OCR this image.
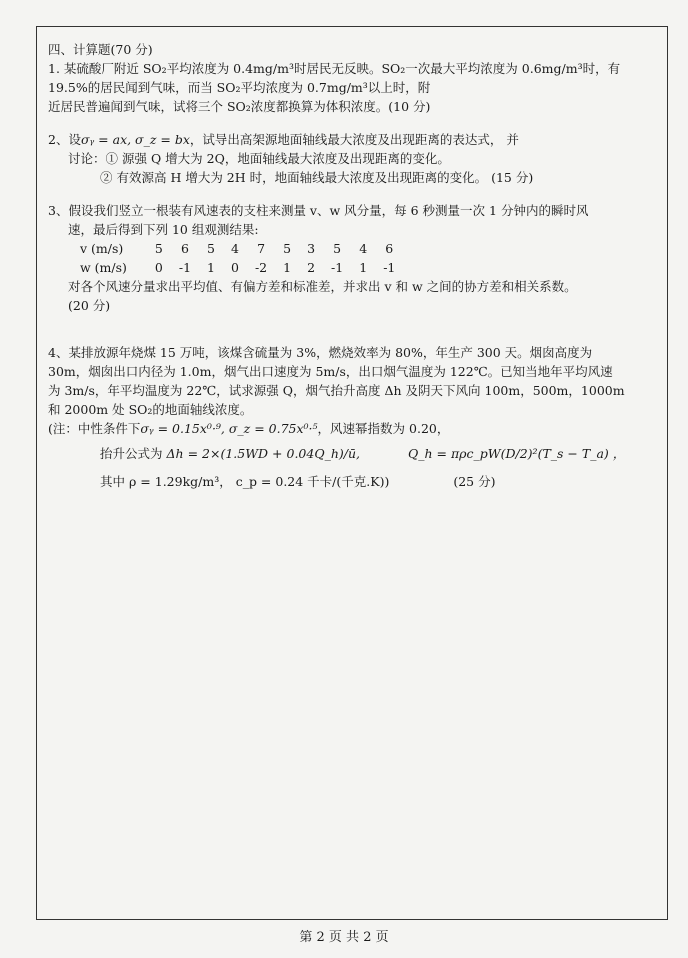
四、计算题(70 分)
1. 某硫酸厂附近 SO₂平均浓度为 0.4mg/m³时居民无反映。SO₂一次最大平均浓度为 0.6mg/m³时，有
19.5%的居民闻到气味，而当 SO₂平均浓度为 0.7mg/m³以上时，附
近居民普遍闻到气味，试将三个 SO₂浓度都换算为体积浓度。(10 分)
2、设σᵧ = ax, σ_z = bx，试导出高架源地面轴线最大浓度及出现距离的表达式， 并
讨论：① 源强 Q 增大为 2Q，地面轴线最大浓度及出现距离的变化。
② 有效源高 H 增大为 2H 时，地面轴线最大浓度及出现距离的变化。 (15 分)
3、假设我们竖立一根装有风速表的支柱来测量 v、w 风分量，每 6 秒测量一次 1 分钟内的瞬时风
速，最后得到下列 10 组观测结果:
v (m/s)	5	6	5	4	7	5	3	5	4	6
w (m/s)	0	-1	1	0	-2	1	2	-1	1	-1
对各个风速分量求出平均值、有偏方差和标准差，并求出 v 和 w 之间的协方差和相关系数。
(20 分)
4、某排放源年烧煤 15 万吨，该煤含硫量为 3%，燃烧效率为 80%，年生产 300 天。烟囱高度为
30m，烟囱出口内径为 1.0m，烟气出口速度为 5m/s，出口烟气温度为 122℃。已知当地年平均风速
为 3m/s，年平均温度为 22℃，试求源强 Q，烟气抬升高度 Δh 及阴天下风向 100m，500m，1000m
和 2000m 处 SO₂的地面轴线浓度。
(注：中性条件下σᵧ = 0.15x⁰·⁹, σ_z = 0.75x⁰·⁵，风速幂指数为 0.20，
抬升公式为 Δh = 2×(1.5WD + 0.04Q_h)/ū,	Q_h = πρc_pW(D/2)²(T_s − T_a) ，
其中 ρ = 1.29kg/m³， c_p = 0.24 千卡/(千克.K))	(25 分)
第 2 页 共 2 页
